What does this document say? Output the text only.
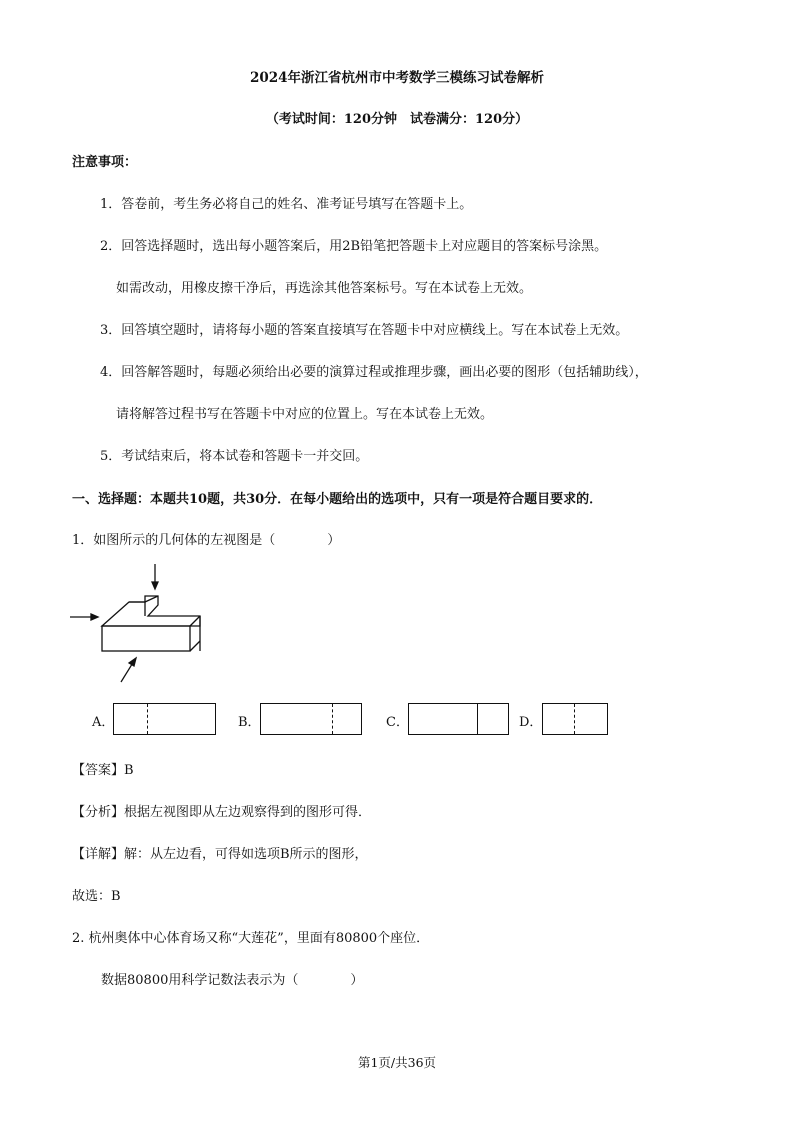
2024年浙江省杭州市中考数学三模练习试卷解析
（考试时间：120分钟　试卷满分：120分）
注意事项：
1．答卷前，考生务必将自己的姓名、准考证号填写在答题卡上。
2．回答选择题时，选出每小题答案后，用2B铅笔把答题卡上对应题目的答案标号涂黑。
如需改动，用橡皮擦干净后，再选涂其他答案标号。写在本试卷上无效。
3．回答填空题时，请将每小题的答案直接填写在答题卡中对应横线上。写在本试卷上无效。
4．回答解答题时，每题必须给出必要的演算过程或推理步骤，画出必要的图形（包括辅助线），
请将解答过程书写在答题卡中对应的位置上。写在本试卷上无效。
5．考试结束后，将本试卷和答题卡一并交回。
一、选择题：本题共10题，共30分．在每小题给出的选项中，只有一项是符合题目要求的．
1．如图所示的几何体的左视图是（　　　　）
A．	B．	C．	D．
【答案】B
【分析】根据左视图即从左边观察得到的图形可得．
【详解】解：从左边看，可得如选项B所示的图形，
故选：B
2. 杭州奥体中心体育场又称“大莲花”，里面有80800个座位．
数据80800用科学记数法表示为（　　　　）
第1页/共36页
